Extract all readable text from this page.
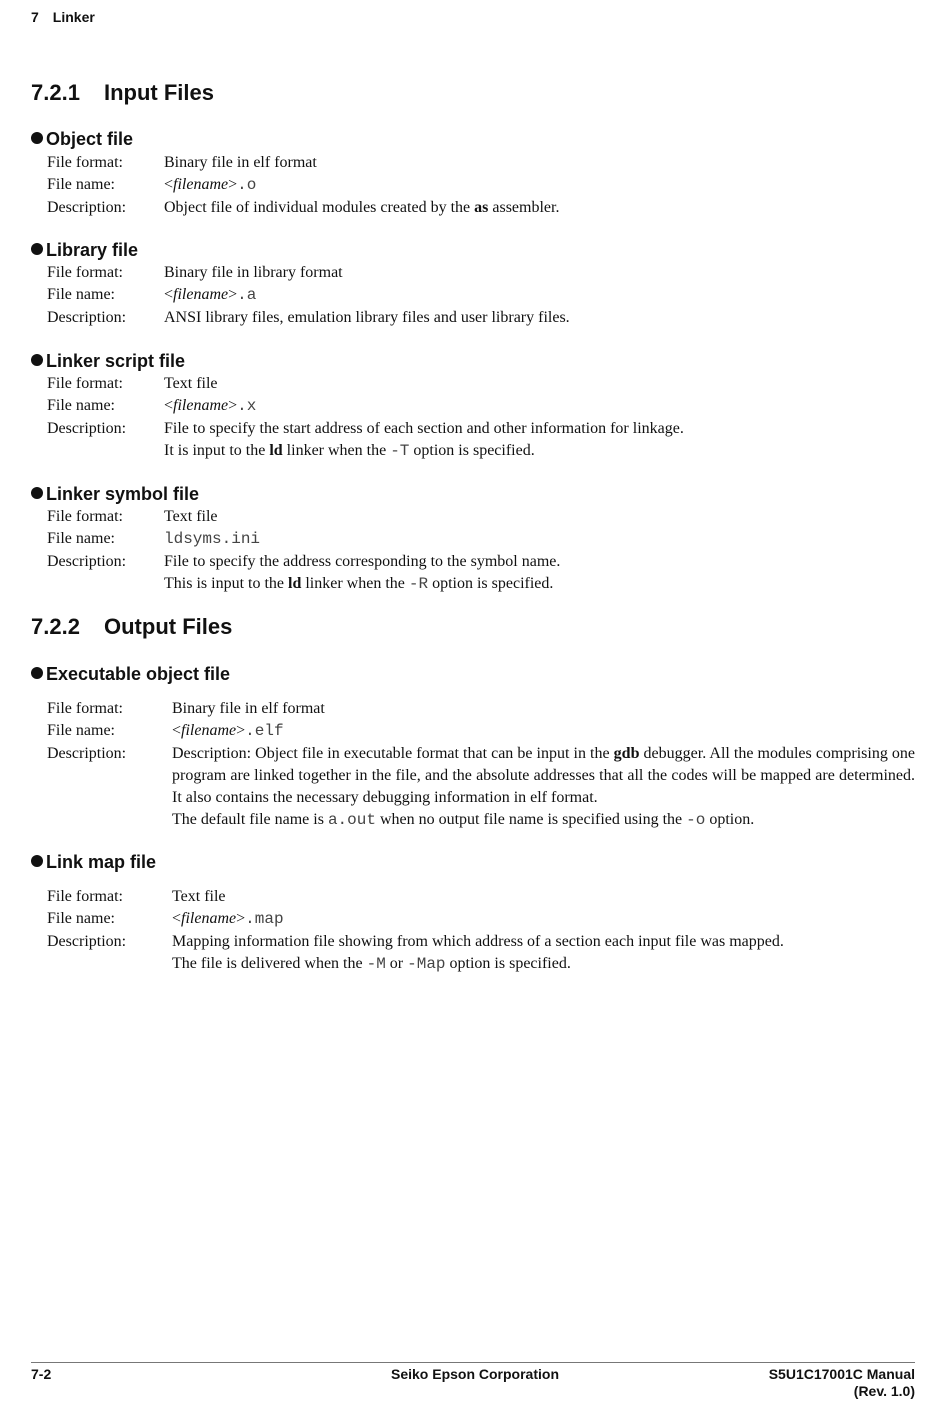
7 Linker
7.2.1 Input Files
Object file
File format:	Binary file in elf format
File name:	<filename>.o
Description:	Object file of individual modules created by the as assembler.
Library file
File format:	Binary file in library format
File name:	<filename>.a
Description:	ANSI library files, emulation library files and user library files.
Linker script file
File format:	Text file
File name:	<filename>.x
Description:	File to specify the start address of each section and other information for linkage.
It is input to the ld linker when the -T option is specified.
Linker symbol file
File format:	Text file
File name:	ldsyms.ini
Description:	File to specify the address corresponding to the symbol name.
This is input to the ld linker when the -R option is specified.
7.2.2 Output Files
Executable object file
File format:	Binary file in elf format
File name:	<filename>.elf
Description:	Description: Object file in executable format that can be input in the gdb debugger. All the modules comprising one program are linked together in the file, and the absolute addresses that all the codes will be mapped are determined. It also contains the necessary debugging information in elf format.
The default file name is a.out when no output file name is specified using the -o option.
Link map file
File format:	Text file
File name:	<filename>.map
Description:	Mapping information file showing from which address of a section each input file was mapped.
The file is delivered when the -M or -Map option is specified.
7-2	Seiko Epson Corporation	S5U1C17001C Manual
(Rev. 1.0)
